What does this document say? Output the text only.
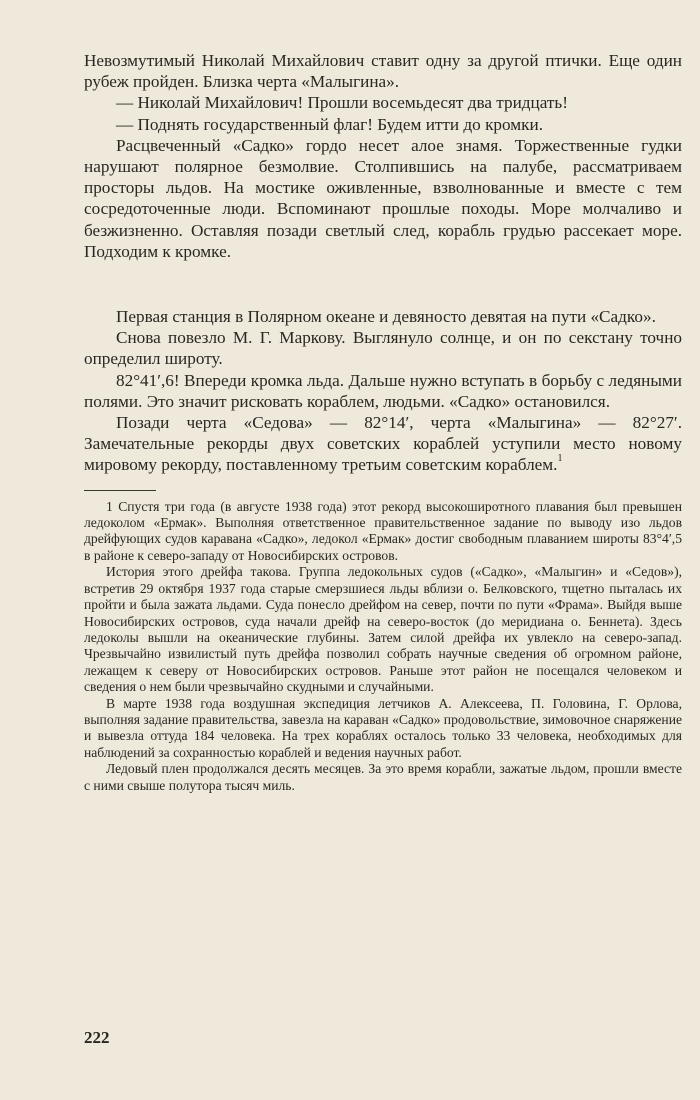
Невозмутимый Николай Михайлович ставит одну за другой птички. Еще один рубеж пройден. Близка черта «Малыгина».

— Николай Михайлович! Прошли восемьдесят два тридцать!

— Поднять государственный флаг! Будем итти до кромки.

Расцвеченный «Садко» гордо несет алое знамя. Торжественные гудки нарушают полярное безмолвие. Столпившись на палубе, рассматриваем просторы льдов. На мостике оживленные, взволнованные и вместе с тем сосредоточенные люди. Вспоминают прошлые походы. Море молчаливо и безжизненно. Оставляя позади светлый след, корабль грудью рассекает море. Подходим к кромке.

Первая станция в Полярном океане и девяносто девятая на пути «Садко».

Снова повезло М. Г. Маркову. Выглянуло солнце, и он по секстану точно определил широту.

82°41′,6! Впереди кромка льда. Дальше нужно вступать в борьбу с ледяными полями. Это значит рисковать кораблем, людьми. «Садко» остановился.

Позади черта «Седова» — 82°14′, черта «Малыгина» — 82°27′. Замечательные рекорды двух советских кораблей уступили место новому мировому рекорду, поставленному третьим советским кораблем.$^1$

1 Спустя три года (в августе 1938 года) этот рекорд высокоширотного плавания был превышен ледоколом «Ермак». Выполняя ответственное правительственное задание по выводу изо льдов дрейфующих судов каравана «Садко», ледокол «Ермак» достиг свободным плаванием широты 83°4′,5 в районе к северо-западу от Новосибирских островов.

История этого дрейфа такова. Группа ледокольных судов («Садко», «Малыгин» и «Седов»), встретив 29 октября 1937 года старые смерзшиеся льды вблизи о. Белковского, тщетно пыталась их пройти и была зажата льдами. Суда понесло дрейфом на север, почти по пути «Фрама». Выйдя выше Новосибирских островов, суда начали дрейф на северо-восток (до меридиана о. Беннета). Здесь ледоколы вышли на океанические глубины. Затем силой дрейфа их увлекло на северо-запад. Чрезвычайно извилистый путь дрейфа позволил собрать научные сведения об огромном районе, лежащем к северу от Новосибирских островов. Раньше этот район не посещался человеком и сведения о нем были чрезвычайно скудными и случайными.

В марте 1938 года воздушная экспедиция летчиков А. Алексеева, П. Головина, Г. Орлова, выполняя задание правительства, завезла на караван «Садко» продовольствие, зимовочное снаряжение и вывезла оттуда 184 человека. На трех кораблях осталось только 33 человека, необходимых для наблюдений за сохранностью кораблей и ведения научных работ.

Ледовый плен продолжался десять месяцев. За это время корабли, зажатые льдом, прошли вместе с ними свыше полутора тысяч миль.

222
